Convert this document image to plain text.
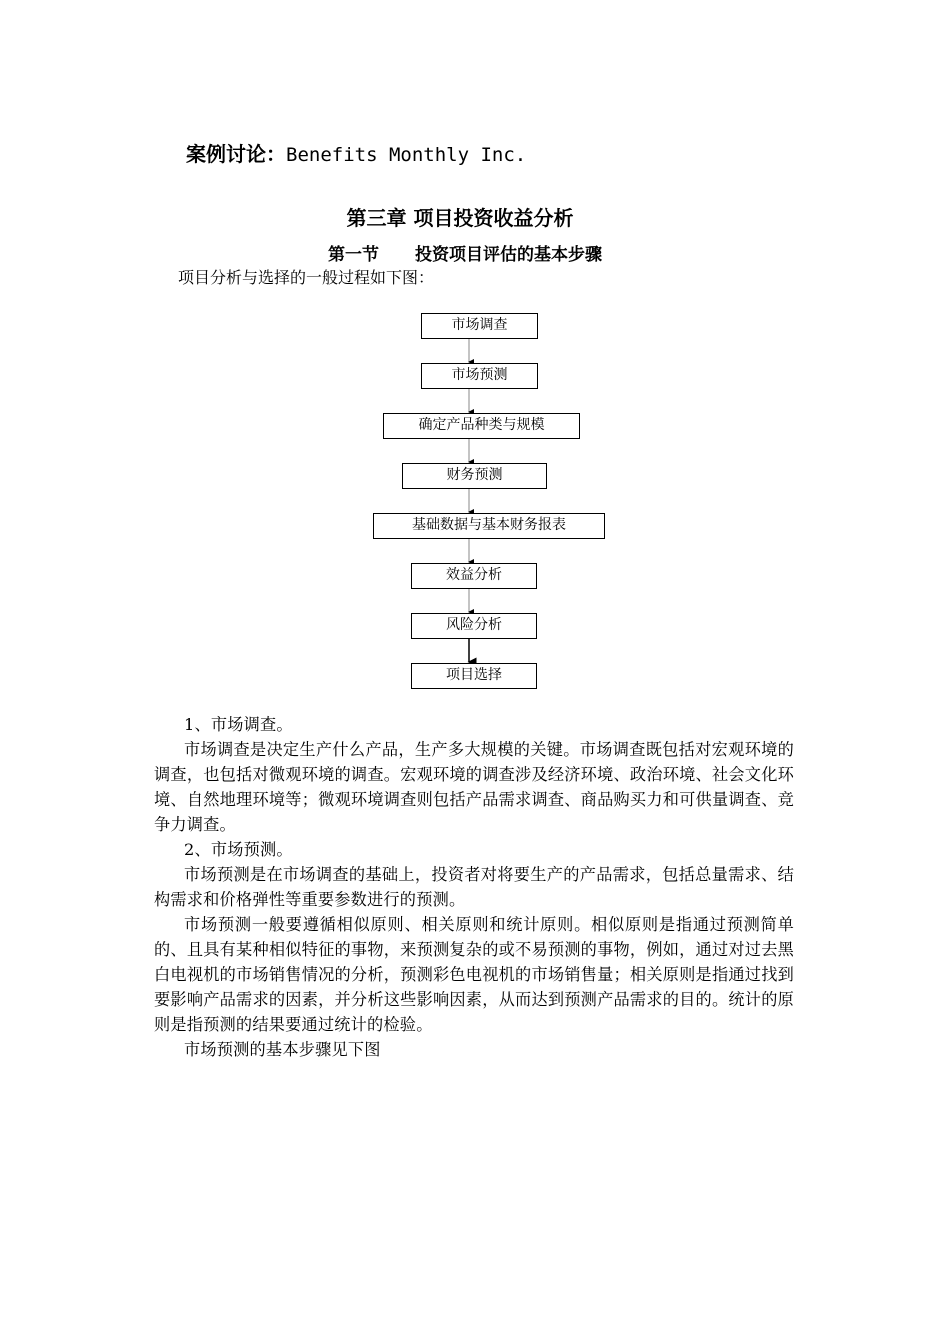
案例讨论：Benefits Monthly Inc.
第三章 项目投资收益分析
第一节 投资项目评估的基本步骤
项目分析与选择的一般过程如下图：
市场调查
市场预测
确定产品种类与规模
财务预测
基础数据与基本财务报表
效益分析
风险分析
项目选择

1、市场调查。

市场调查是决定生产什么产品，生产多大规模的关键。市场调查既包括对宏观环境的调查，也包括对微观环境的调查。宏观环境的调查涉及经济环境、政治环境、社会文化环境、自然地理环境等；微观环境调查则包括产品需求调查、商品购买力和可供量调查、竞争力调查。

2、市场预测。

市场预测是在市场调查的基础上，投资者对将要生产的产品需求，包括总量需求、结构需求和价格弹性等重要参数进行的预测。

市场预测一般要遵循相似原则、相关原则和统计原则。相似原则是指通过预测简单的、且具有某种相似特征的事物，来预测复杂的或不易预测的事物，例如，通过对过去黑白电视机的市场销售情况的分析，预测彩色电视机的市场销售量；相关原则是指通过找到要影响产品需求的因素，并分析这些影响因素，从而达到预测产品需求的目的。统计的原则是指预测的结果要通过统计的检验。

市场预测的基本步骤见下图
